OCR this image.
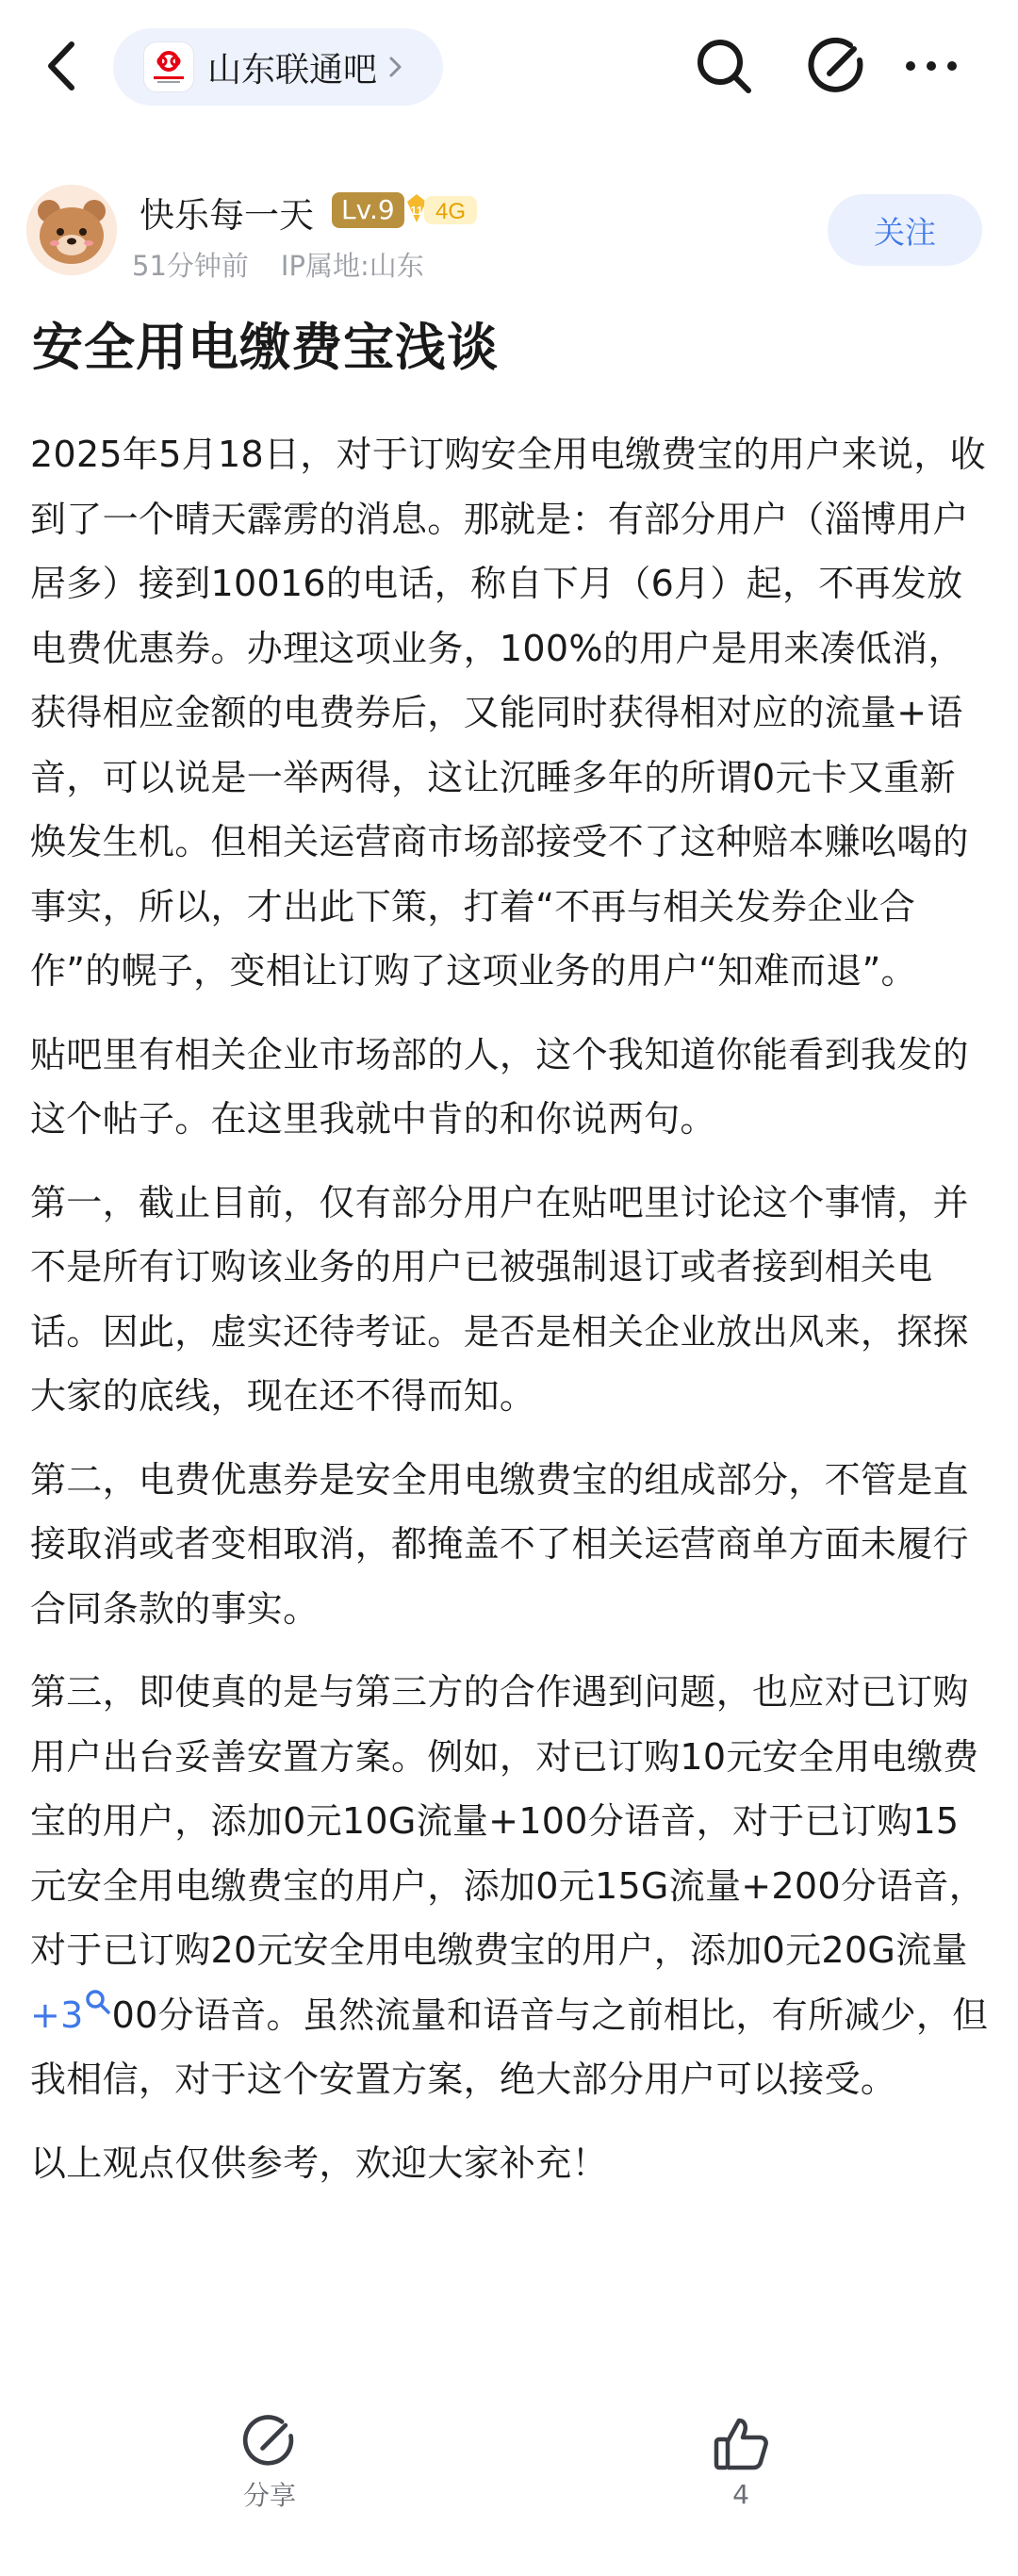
山东联通吧
快乐每一天	Lv.9	11 4G
51分钟前 IP属地:山东
关注
安全用电缴费宝浅谈

2025年5月18日，对于订购安全用电缴费宝的用户来说，收到了一个晴天霹雳的消息。那就是：有部分用户（淄博用户居多）接到10016的电话，称自下月（6月）起，不再发放电费优惠券。办理这项业务，100%的用户是用来凑低消，获得相应金额的电费券后，又能同时获得相对应的流量+语音，可以说是一举两得，这让沉睡多年的所谓0元卡又重新焕发生机。但相关运营商市场部接受不了这种赔本赚吆喝的事实，所以，才出此下策，打着“不再与相关发券企业合作”的幌子，变相让订购了这项业务的用户“知难而退”。

贴吧里有相关企业市场部的人，这个我知道你能看到我发的这个帖子。在这里我就中肯的和你说两句。

第一，截止目前，仅有部分用户在贴吧里讨论这个事情，并不是所有订购该业务的用户已被强制退订或者接到相关电话。因此，虚实还待考证。是否是相关企业放出风来，探探大家的底线，现在还不得而知。

第二，电费优惠券是安全用电缴费宝的组成部分，不管是直接取消或者变相取消，都掩盖不了相关运营商单方面未履行合同条款的事实。

第三，即使真的是与第三方的合作遇到问题，也应对已订购用户出台妥善安置方案。例如，对已订购10元安全用电缴费宝的用户，添加0元10G流量+100分语音，对于已订购15元安全用电缴费宝的用户，添加0元15G流量+200分语音，对于已订购20元安全用电缴费宝的用户，添加0元20G流量+3 00分语音。虽然流量和语音与之前相比，有所减少，但我相信，对于这个安置方案，绝大部分用户可以接受。

以上观点仅供参考，欢迎大家补充！

分享	4
